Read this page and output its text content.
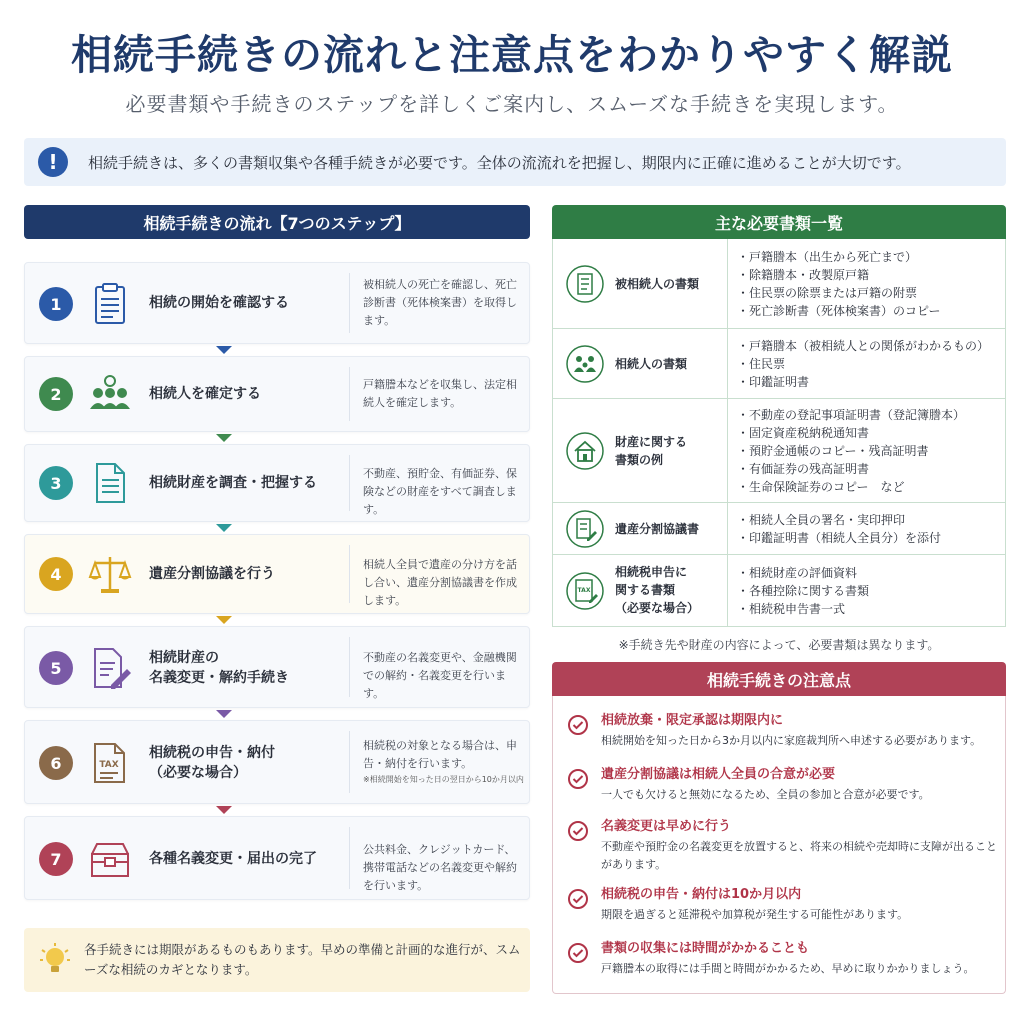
相続手続きの流れと注意点をわかりやすく解説
必要書類や手続きのステップを詳しくご案内し、スムーズな手続きを実現します。
!	相続手続きは、多くの書類収集や各種手続きが必要です。全体の流流れを把握し、期限内に正確に進めることが大切です。
相続手続きの流れ【7つのステップ】
1	相続の開始を確認する
被相続人の死亡を確認し、死亡診断書（死体検案書）を取得します。
2	相続人を確定する
戸籍謄本などを収集し、法定相続人を確定します。
3	相続財産を調査・把握する
不動産、預貯金、有価証券、保険などの財産をすべて調査します。
4	遺産分割協議を行う
相続人全員で遺産の分け方を話し合い、遺産分割協議書を作成します。
5
相続財産の
名義変更・解約手続き
不動産の名義変更や、金融機関での解約・名義変更を行います。
6	TAX
相続税の申告・納付
（必要な場合）
相続税の対象となる場合は、申告・納付を行います。
※相続開始を知った日の翌日から10か月以内
7	各種名義変更・届出の完了
公共料金、クレジットカード、携帯電話などの名義変更や解約を行います。
各手続きには期限があるものもあります。早めの準備と計画的な進行が、スムーズな相続のカギとなります。
主な必要書類一覧
被相続人の書類
・戸籍謄本（出生から死亡まで）
・除籍謄本・改製原戸籍
・住民票の除票または戸籍の附票
・死亡診断書（死体検案書）のコピー
相続人の書類
・戸籍謄本（被相続人との関係がわかるもの）
・住民票
・印鑑証明書
財産に関する
書類の例
・不動産の登記事項証明書（登記簿謄本）
・固定資産税納税通知書
・預貯金通帳のコピー・残高証明書
・有価証券の残高証明書
・生命保険証券のコピー　など
遺産分割協議書
・相続人全員の署名・実印押印
・印鑑証明書（相続人全員分）を添付
TAX
相続税申告に
関する書類
（必要な場合）
・相続財産の評価資料
・各種控除に関する書類
・相続税申告書一式
※手続き先や財産の内容によって、必要書類は異なります。
相続手続きの注意点
相続放棄・限定承認は期限内に
相続開始を知った日から3か月以内に家庭裁判所へ申述する必要があります。
遺産分割協議は相続人全員の合意が必要
一人でも欠けると無効になるため、全員の参加と合意が必要です。
名義変更は早めに行う
不動産や預貯金の名義変更を放置すると、将来の相続や売却時に支障が出ることがあります。
相続税の申告・納付は10か月以内
期限を過ぎると延滞税や加算税が発生する可能性があります。
書類の収集には時間がかかることも
戸籍謄本の取得には手間と時間がかかるため、早めに取りかかりましょう。
